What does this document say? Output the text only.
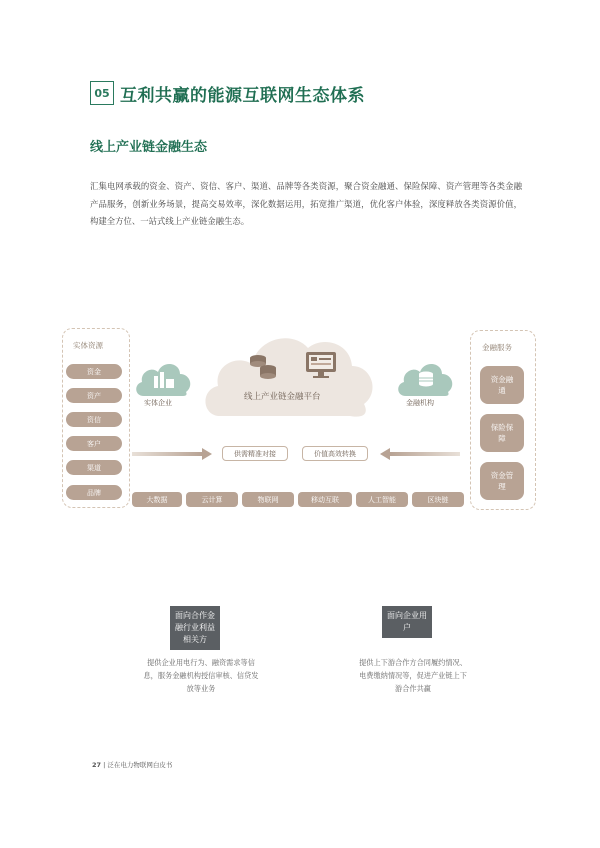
05 互利共赢的能源互联网生态体系
线上产业链金融生态
汇集电网承载的资金、资产、资信、客户、渠道、品牌等各类资源，聚合资金融通、保险保障、资产管理等各类金融产品服务，创新业务场景，提高交易效率，深化数据运用，拓宽推广渠道，优化客户体验，深度释放各类资源价值，构建全方位、一站式线上产业链金融生态。
实体资源
资金
资产
资信
客户
渠道
品牌
金融服务
资金融通
保险保障
资金管理
线上产业链金融平台
实体企业	金融机构
供需精准对接	价值高效转换
大数据	云计算	物联网	移动互联	人工智能	区块链
面向合作金融行业利益相关方
提供企业用电行为、融资需求等信息，服务金融机构授信审核、信贷发放等业务
面向企业用户
提供上下游合作方合同履约情况、电费缴纳情况等，促进产业链上下游合作共赢
27 | 泛在电力物联网白皮书
